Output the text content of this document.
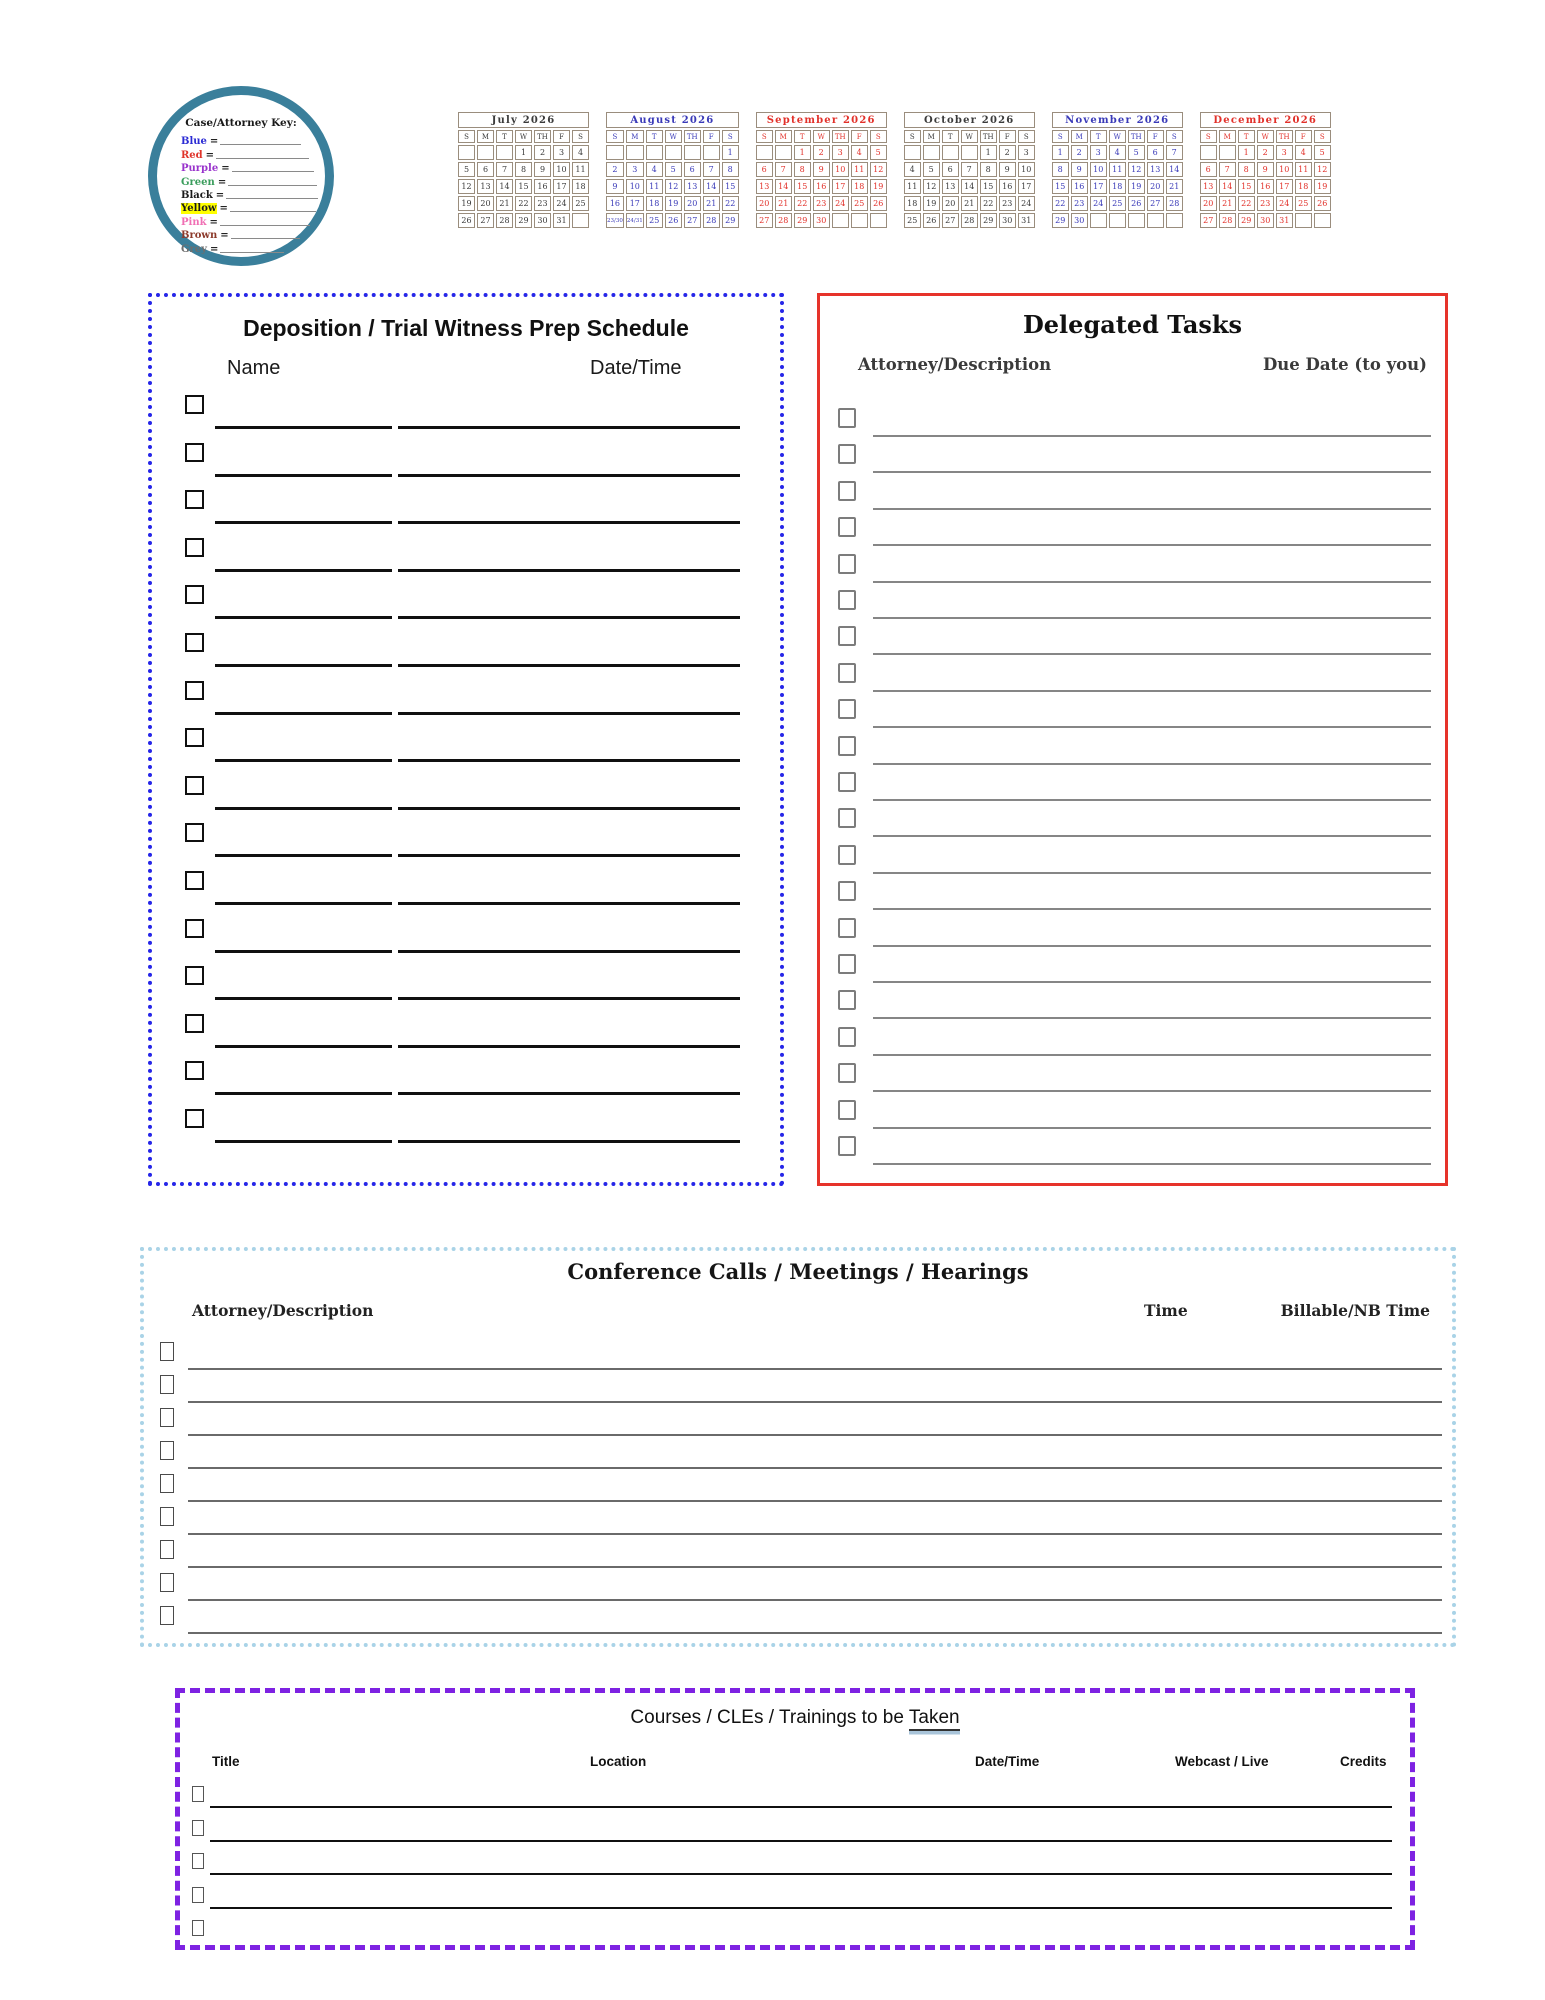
Case/Attorney Key:
Blue =
Red =
Purple =
Green =
Black =
Yellow =
Pink =
Brown =
Grey =
July 2026						
S	M	T	W	TH	F	S
			1	2	3	4
5	6	7	8	9	10	11
12	13	14	15	16	17	18
19	20	21	22	23	24	25
26	27	28	29	30	31	
August 2026						
S	M	T	W	TH	F	S
						1
2	3	4	5	6	7	8
9	10	11	12	13	14	15
16	17	18	19	20	21	22
23/30	24/31	25	26	27	28	29
September 2026						
S	M	T	W	TH	F	S
		1	2	3	4	5
6	7	8	9	10	11	12
13	14	15	16	17	18	19
20	21	22	23	24	25	26
27	28	29	30			
October 2026						
S	M	T	W	TH	F	S
				1	2	3
4	5	6	7	8	9	10
11	12	13	14	15	16	17
18	19	20	21	22	23	24
25	26	27	28	29	30	31
November 2026						
S	M	T	W	TH	F	S
1	2	3	4	5	6	7
8	9	10	11	12	13	14
15	16	17	18	19	20	21
22	23	24	25	26	27	28
29	30					
December 2026						
S	M	T	W	TH	F	S
		1	2	3	4	5
6	7	8	9	10	11	12
13	14	15	16	17	18	19
20	21	22	23	24	25	26
27	28	29	30	31		
Deposition / Trial Witness Prep Schedule
Name	Date/Time
Delegated Tasks
Attorney/Description	Due Date (to you)
Conference Calls / Meetings / Hearings
Attorney/Description	Time	Billable/NB Time
Courses / CLEs / Trainings to be Taken
Title	Location	Date/Time	Webcast / Live	Credits
